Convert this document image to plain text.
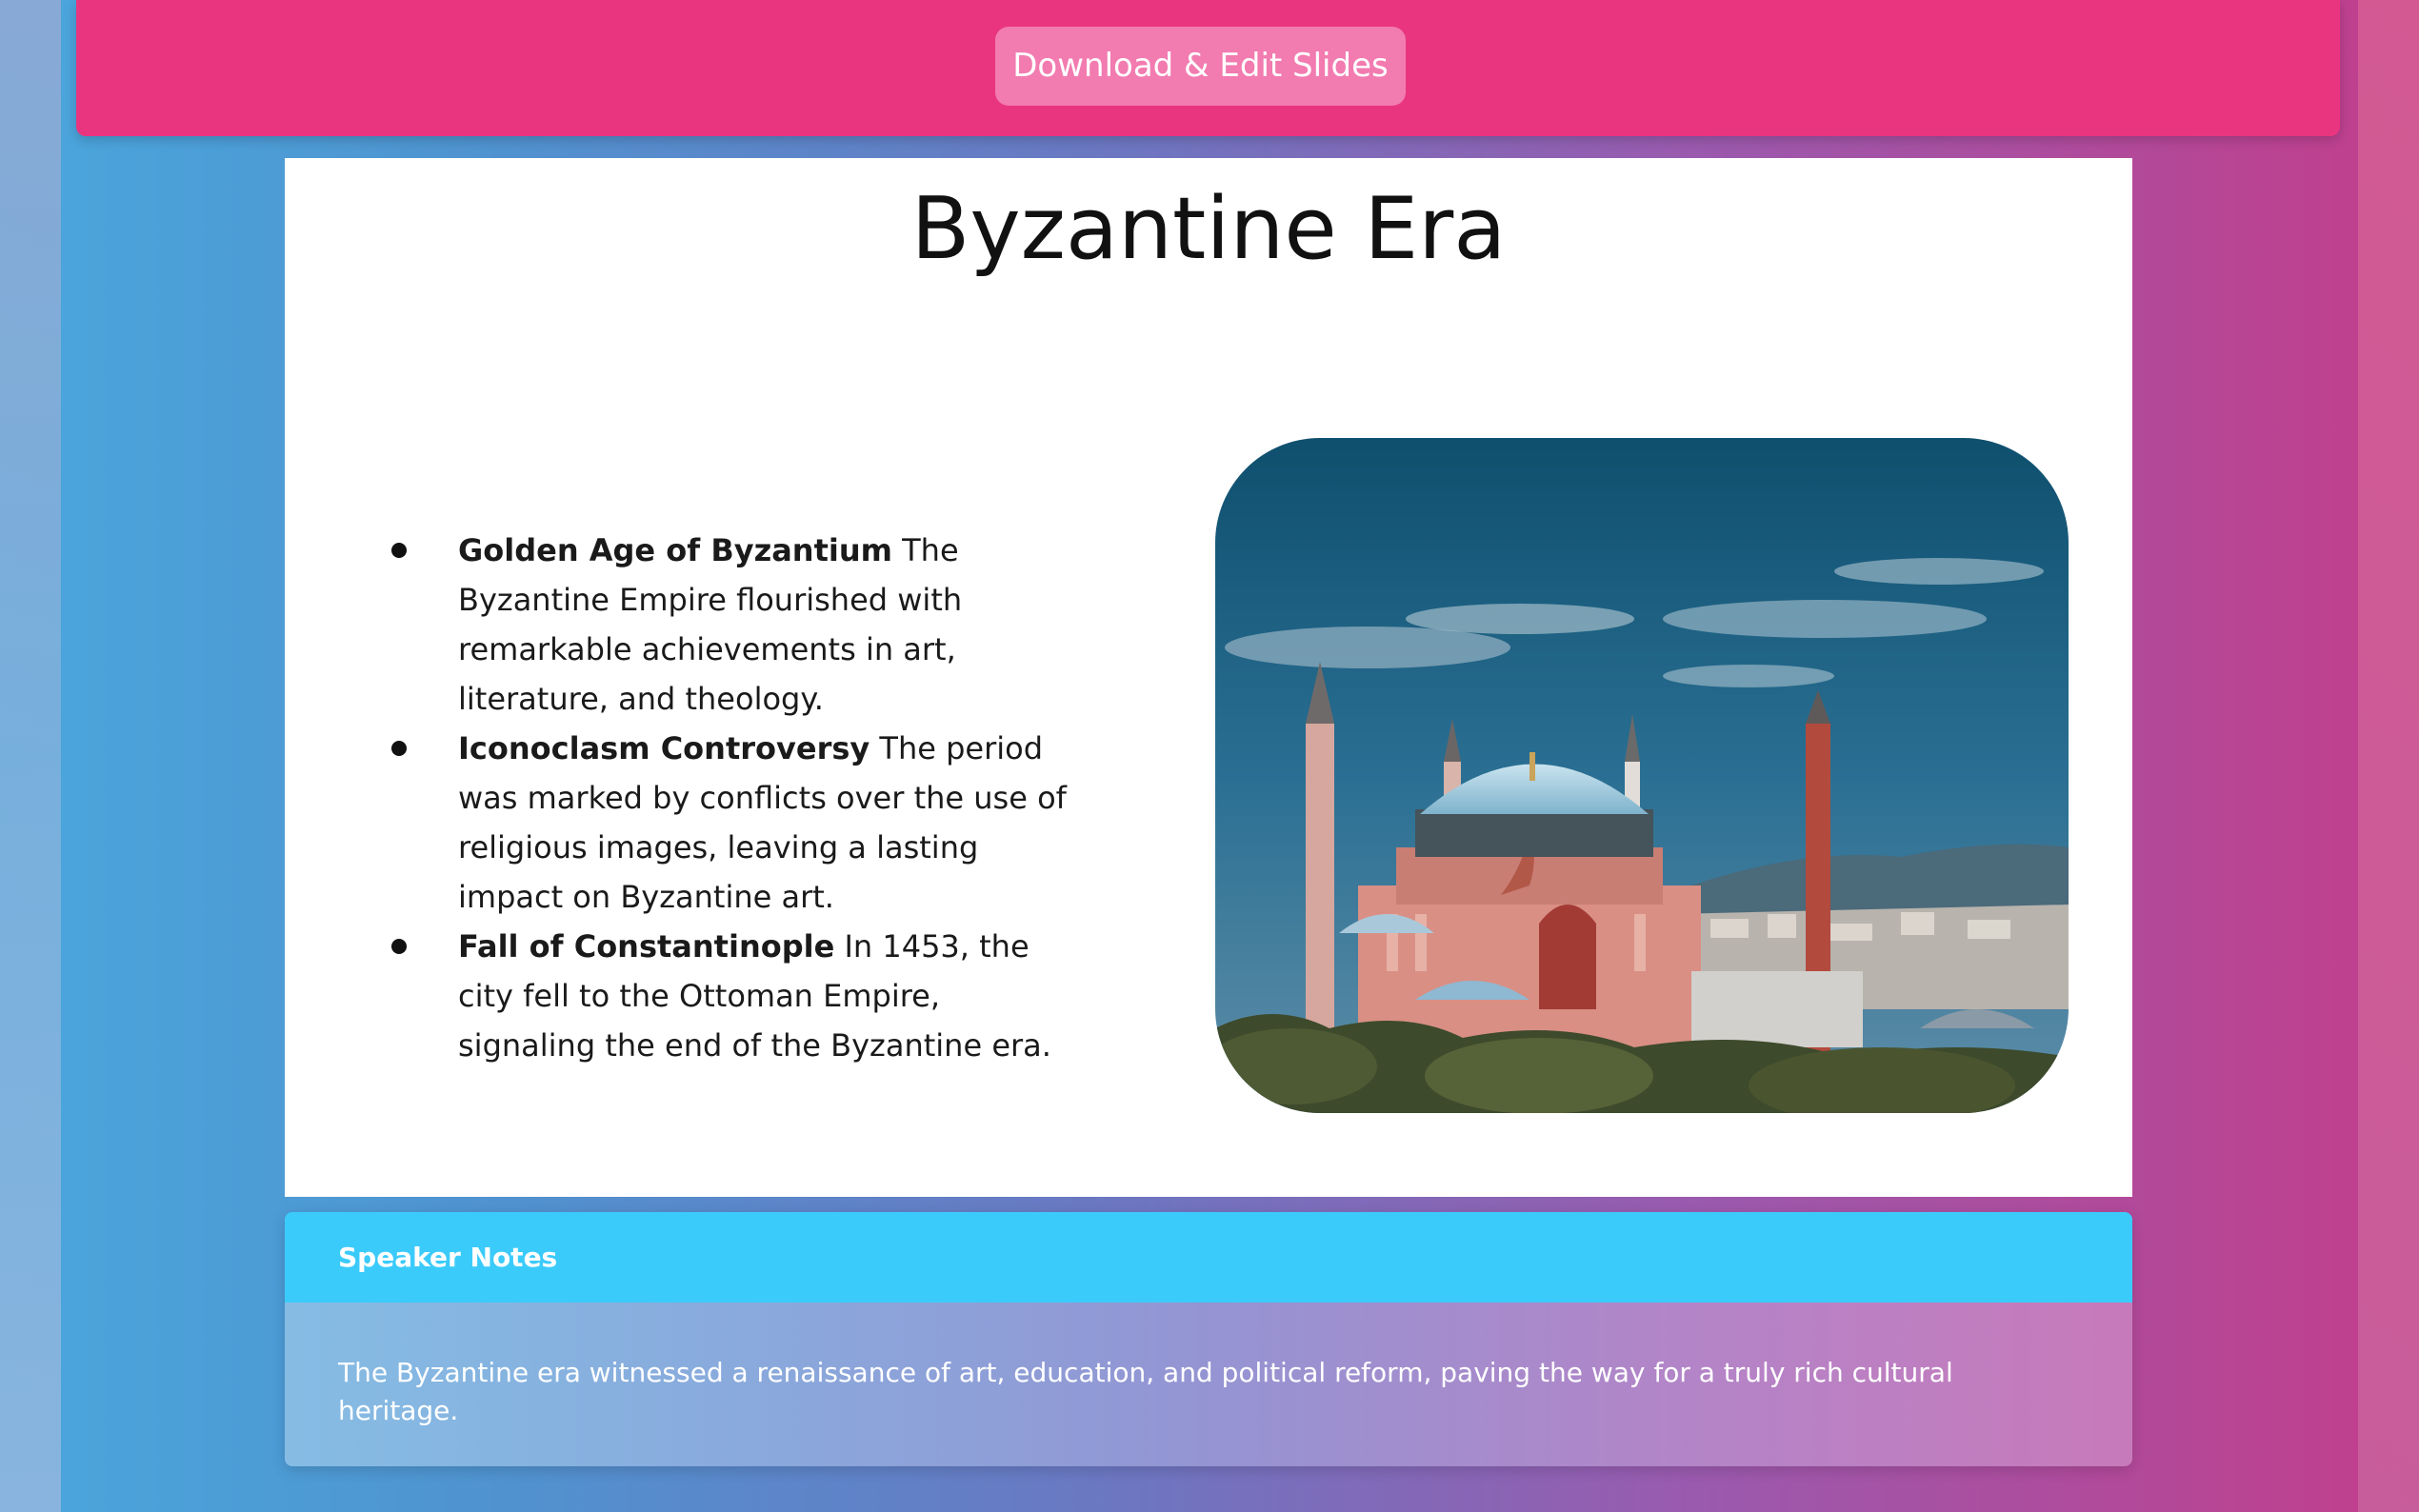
Download & Edit Slides
Byzantine Era
Golden Age of Byzantium The Byzantine Empire flourished with remarkable achievements in art, literature, and theology.
Iconoclasm Controversy The period was marked by conflicts over the use of religious images, leaving a lasting impact on Byzantine art.
Fall of Constantinople In 1453, the city fell to the Ottoman Empire, signaling the end of the Byzantine era.
Speaker Notes
The Byzantine era witnessed a renaissance of art, education, and political reform, paving the way for a truly rich cultural heritage.
